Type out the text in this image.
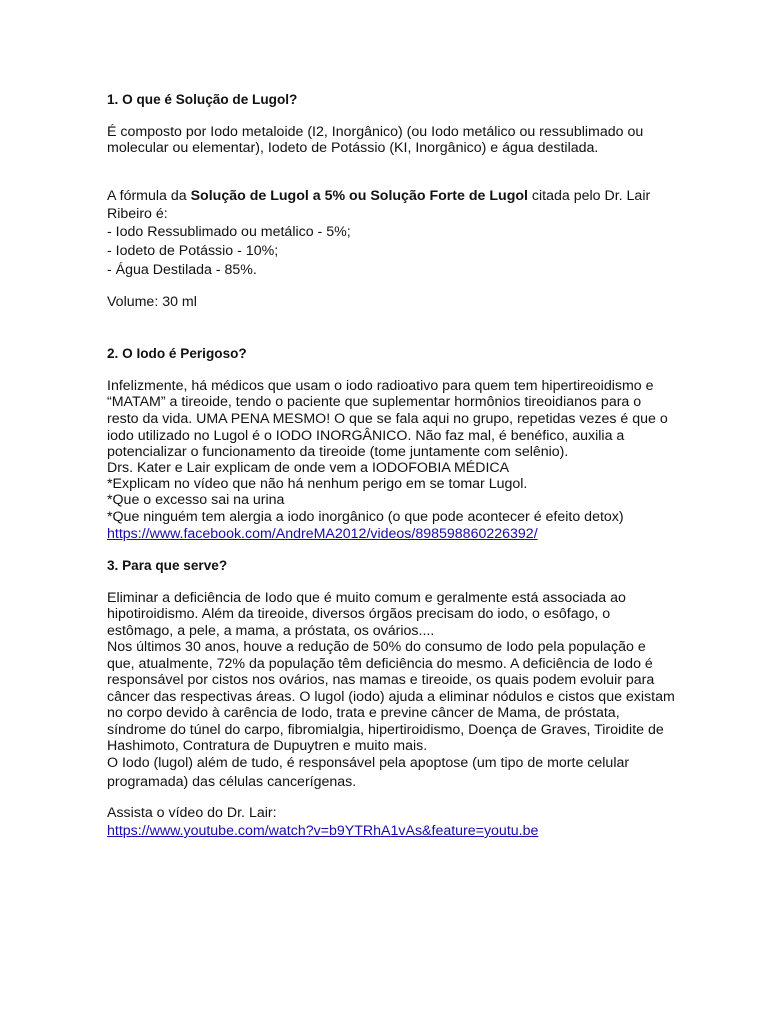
1. O que é Solução de Lugol?
É composto por Iodo metaloide (I2, Inorgânico) (ou Iodo metálico ou ressublimado ou
molecular ou elementar), Iodeto de Potássio (KI, Inorgânico) e água destilada.
A fórmula da Solução de Lugol a 5% ou Solução Forte de Lugol citada pelo Dr. Lair
Ribeiro é:
- Iodo Ressublimado ou metálico - 5%;
- Iodeto de Potássio - 10%;
- Água Destilada - 85%.
Volume: 30 ml
2. O Iodo é Perigoso?
Infelizmente, há médicos que usam o iodo radioativo para quem tem hipertireoidismo e
“MATAM” a tireoide, tendo o paciente que suplementar hormônios tireoidianos para o
resto da vida. UMA PENA MESMO! O que se fala aqui no grupo, repetidas vezes é que o
iodo utilizado no Lugol é o IODO INORGÂNICO. Não faz mal, é benéfico, auxilia a
potencializar o funcionamento da tireoide (tome juntamente com selênio).
Drs. Kater e Lair explicam de onde vem a IODOFOBIA MÉDICA
*Explicam no vídeo que não há nenhum perigo em se tomar Lugol.
*Que o excesso sai na urina
*Que ninguém tem alergia a iodo inorgânico (o que pode acontecer é efeito detox)
https://www.facebook.com/AndreMA2012/videos/898598860226392/
3. Para que serve?
Eliminar a deficiência de Iodo que é muito comum e geralmente está associada ao
hipotiroidismo. Além da tireoide, diversos órgãos precisam do iodo, o esôfago, o
estômago, a pele, a mama, a próstata, os ovários....
Nos últimos 30 anos, houve a redução de 50% do consumo de Iodo pela população e
que, atualmente, 72% da população têm deficiência do mesmo. A deficiência de Iodo é
responsável por cistos nos ovários, nas mamas e tireoide, os quais podem evoluir para
câncer das respectivas áreas. O lugol (iodo) ajuda a eliminar nódulos e cistos que existam
no corpo devido à carência de Iodo, trata e previne câncer de Mama, de próstata,
síndrome do túnel do carpo, fibromialgia, hipertiroidismo, Doença de Graves, Tiroidite de
Hashimoto, Contratura de Dupuytren e muito mais.
O Iodo (lugol) além de tudo, é responsável pela apoptose (um tipo de morte celular
programada) das células cancerígenas.
Assista o vídeo do Dr. Lair:
https://www.youtube.com/watch?v=b9YTRhA1vAs&feature=youtu.be
